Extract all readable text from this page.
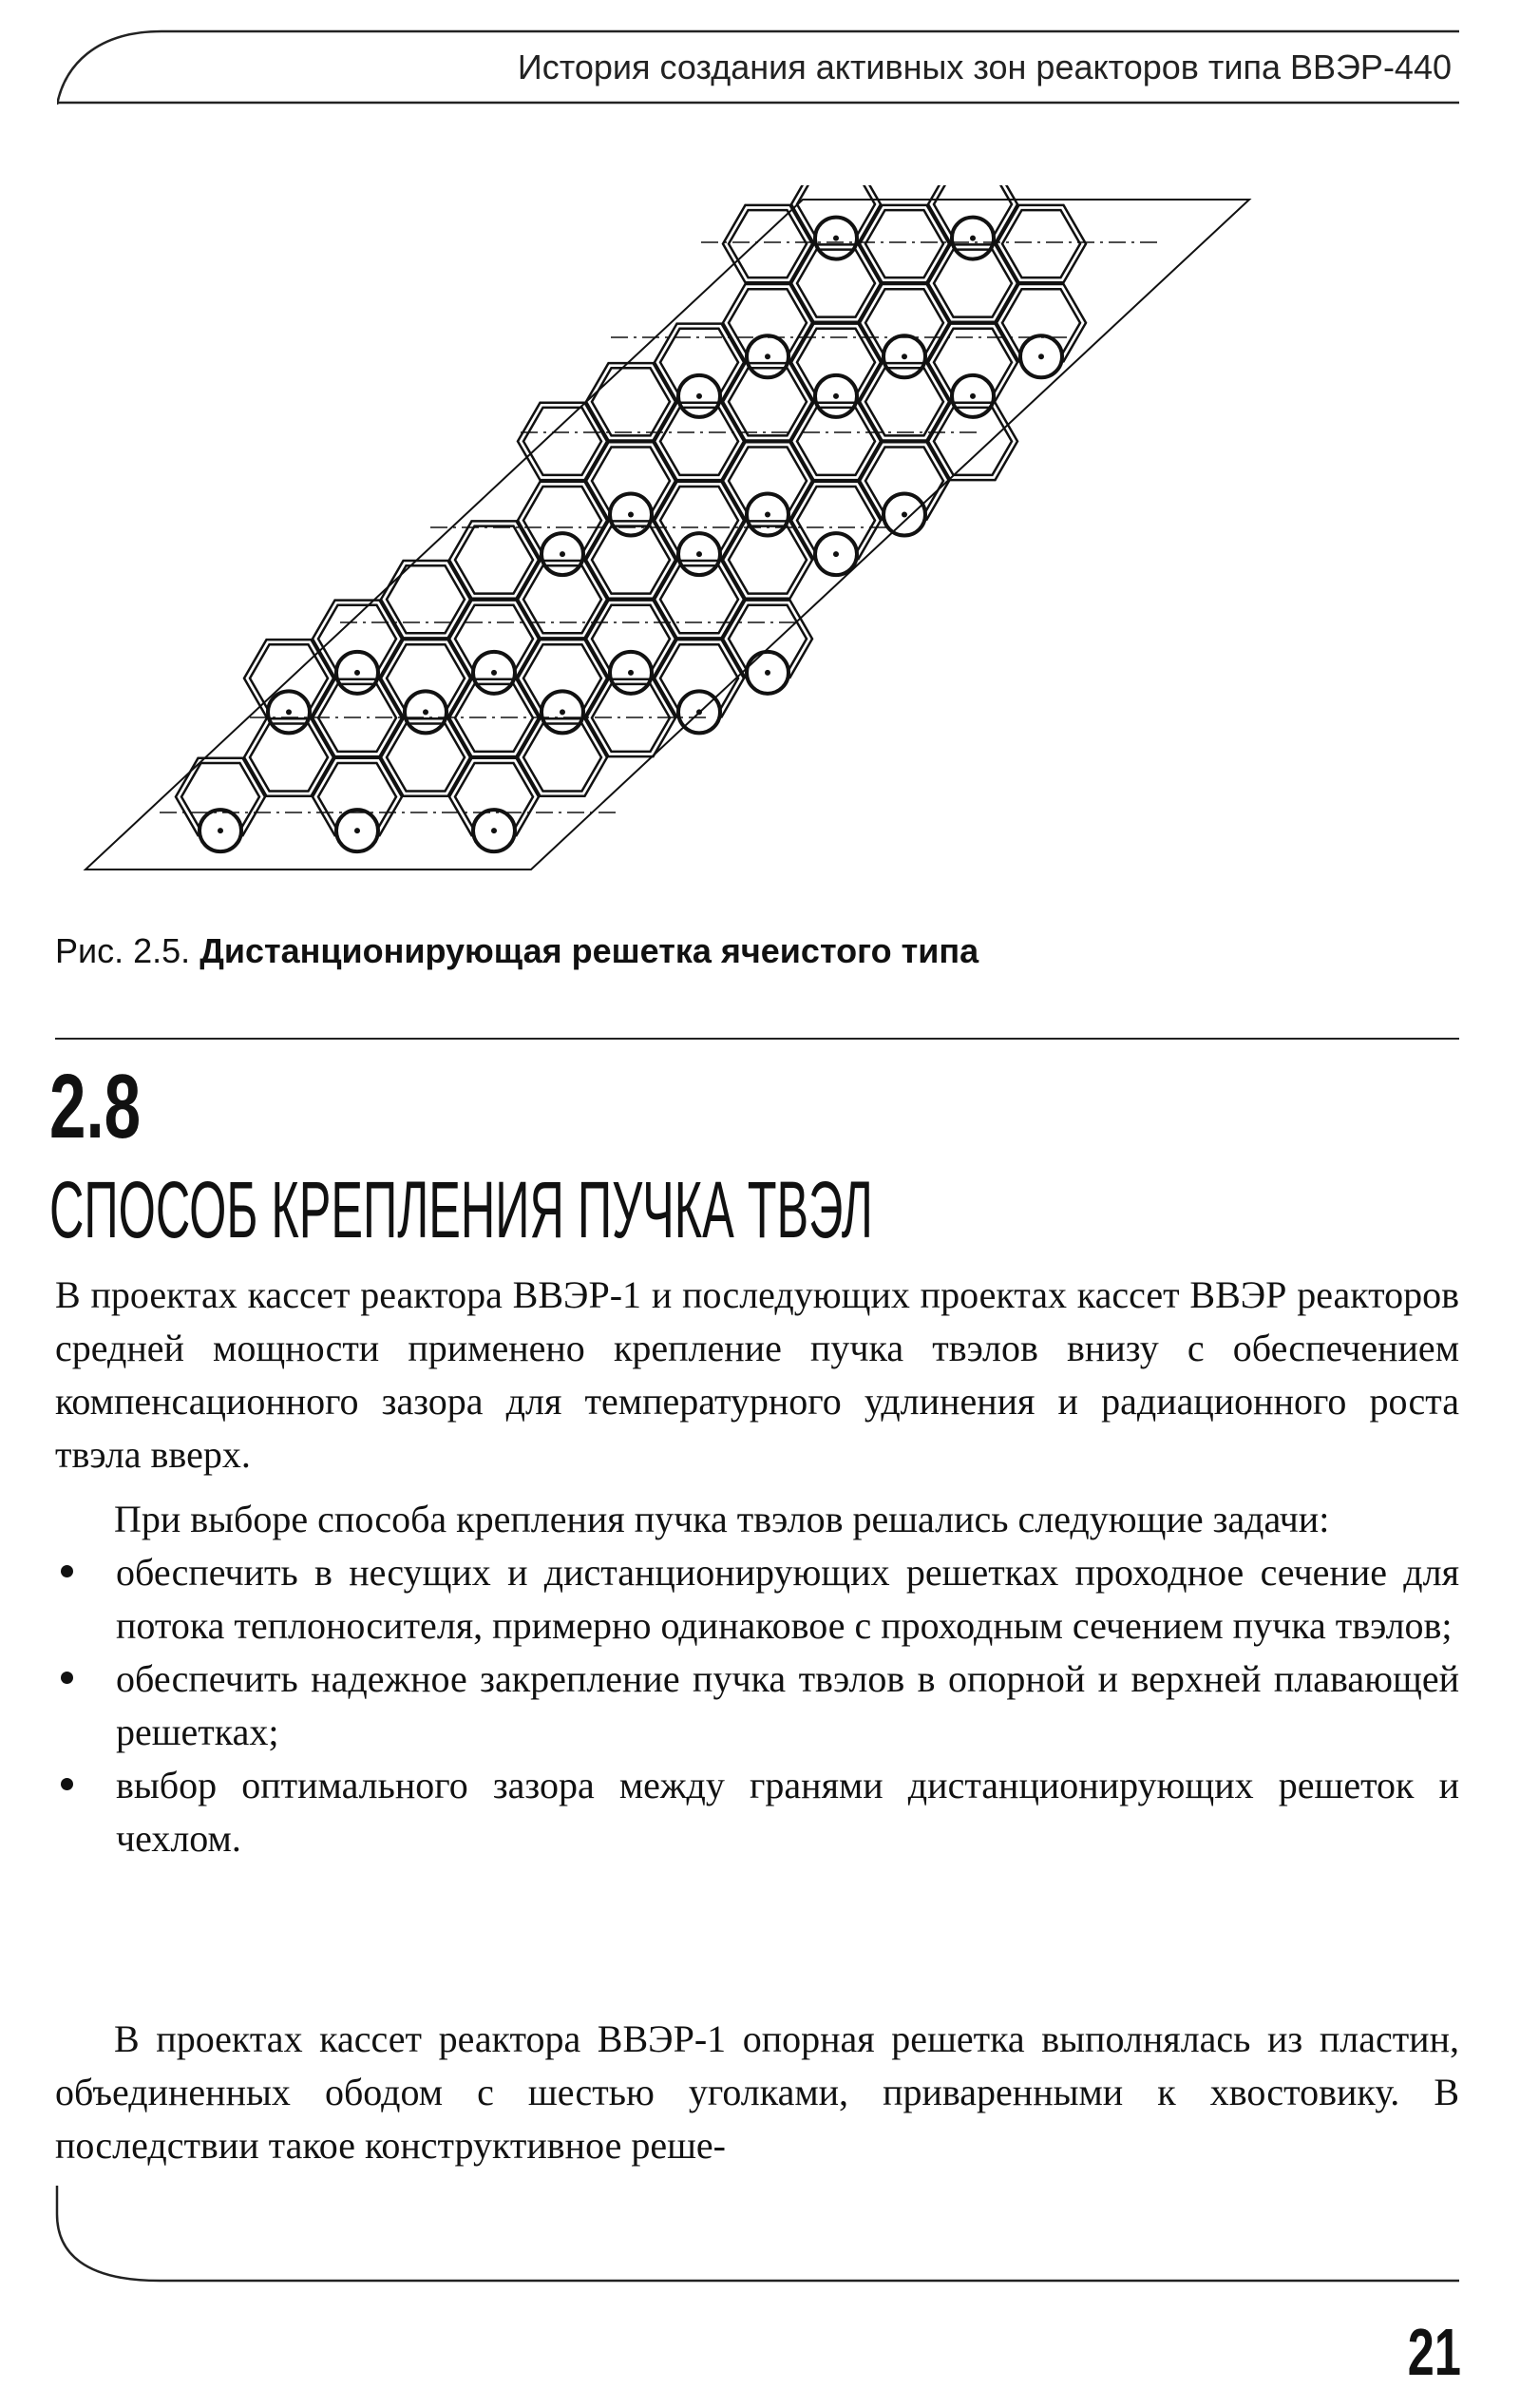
История создания активных зон реакторов типа ВВЭР-440
Рис. 2.5. Дистанционирующая решетка ячеистого типа
2.8
СПОСОБ КРЕПЛЕНИЯ ПУЧКА ТВЭЛ

В проектах кассет реактора ВВЭР-1 и последующих проектах кассет ВВЭР реакторов средней мощности применено крепление пучка твэлов внизу с обеспечением компенсационного зазора для температурного удлинения и радиационного роста твэла вверх.

При выборе способа крепления пучка твэлов решались следующие задачи:

обеспечить в несущих и дистанционирующих решетках проходное сечение для потока теплоносителя, примерно одинаковое с проходным сечением пучка твэлов;
обеспечить надежное закрепление пучка твэлов в опорной и верхней плавающей решетках;
выбор оптимального зазора между гранями дистанционирующих решеток и чехлом.

В проектах кассет реактора ВВЭР-1 опорная решетка выполнялась из пластин, объединенных ободом с шестью уголками, приваренными к хвостовику. В последствии такое конструктивное реше-

21
